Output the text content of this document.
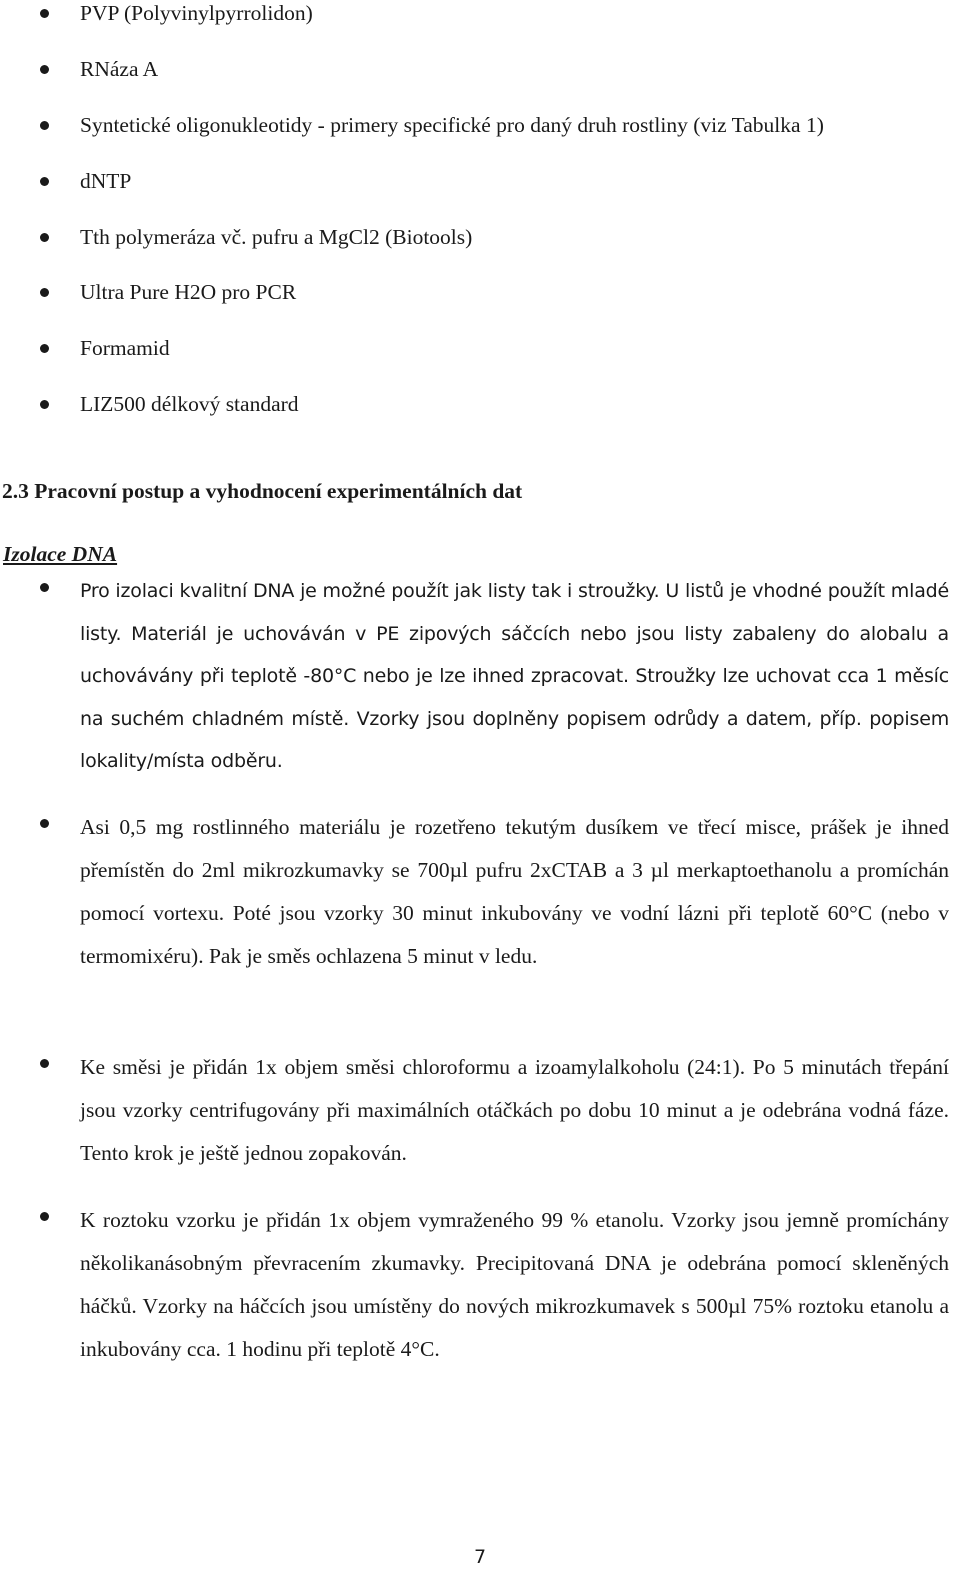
PVP (Polyvinylpyrrolidon)
RNáza A
Syntetické oligonukleotidy - primery specifické pro daný druh rostliny (viz Tabulka 1)
dNTP
Tth polymeráza vč. pufru a MgCl2 (Biotools)
Ultra Pure H2O pro PCR
Formamid
LIZ500 délkový standard
2.3 Pracovní postup a vyhodnocení experimentálních dat
Izolace DNA

Pro izolaci kvalitní DNA je možné použít jak listy tak i stroužky. U listů je vhodné použít mladé listy. Materiál je uchováván v PE zipových sáčcích nebo jsou listy zabaleny do alobalu a uchovávány při teplotě -80°C nebo je lze ihned zpracovat. Stroužky lze uchovat cca 1 měsíc na suchém chladném místě. Vzorky jsou doplněny popisem odrůdy a datem, příp. popisem lokality/místa odběru.

Asi 0,5 mg rostlinného materiálu je rozetřeno tekutým dusíkem ve třecí misce, prášek je ihned přemístěn do 2ml mikrozkumavky se 700µl pufru 2xCTAB a 3 µl merkaptoethanolu a promíchán pomocí vortexu. Poté jsou vzorky 30 minut inkubovány ve vodní lázni při teplotě 60°C (nebo v termomixéru). Pak je směs ochlazena 5 minut v ledu.

Ke směsi je přidán 1x objem směsi chloroformu a izoamylalkoholu (24:1). Po 5 minutách třepání jsou vzorky centrifugovány při maximálních otáčkách po dobu 10 minut a je odebrána vodná fáze. Tento krok je ještě jednou zopakován.

K roztoku vzorku je přidán 1x objem vymraženého 99 % etanolu. Vzorky jsou jemně promíchány několikanásobným převracením zkumavky. Precipitovaná DNA je odebrána pomocí skleněných háčků. Vzorky na háčcích jsou umístěny do nových mikrozkumavek s 500µl 75% roztoku etanolu a inkubovány cca. 1 hodinu při teplotě 4°C.

7
